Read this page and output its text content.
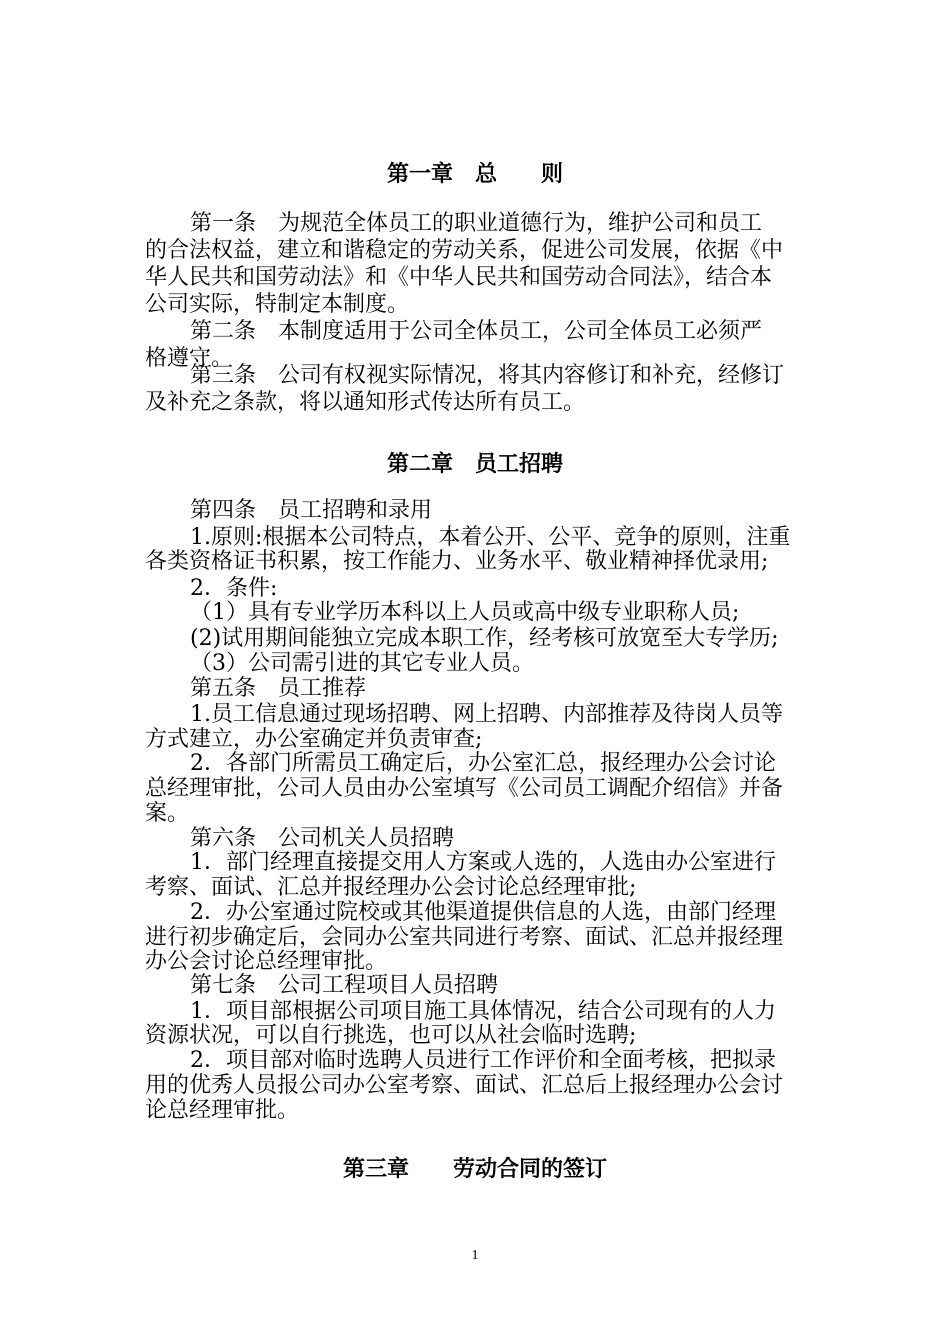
第一章　总　　则
第一条　为规范全体员工的职业道德行为，维护公司和员工
的合法权益，建立和谐稳定的劳动关系，促进公司发展，依据《中
华人民共和国劳动法》和《中华人民共和国劳动合同法》，结合本
公司实际，特制定本制度。
第二条　本制度适用于公司全体员工，公司全体员工必须严
格遵守。
第三条　公司有权视实际情况，将其内容修订和补充，经修订
及补充之条款，将以通知形式传达所有员工。
第二章　员工招聘
第四条　员工招聘和录用
1.原则:根据本公司特点，本着公开、公平、竞争的原则，注重
各类资格证书积累，按工作能力、业务水平、敬业精神择优录用;
2．条件:
（1）具有专业学历本科以上人员或高中级专业职称人员;
(2)试用期间能独立完成本职工作，经考核可放宽至大专学历;
（3）公司需引进的其它专业人员。
第五条　员工推荐
1.员工信息通过现场招聘、网上招聘、内部推荐及待岗人员等
方式建立，办公室确定并负责审查;
2．各部门所需员工确定后，办公室汇总，报经理办公会讨论
总经理审批，公司人员由办公室填写《公司员工调配介绍信》并备
案。
第六条　公司机关人员招聘
1．部门经理直接提交用人方案或人选的，人选由办公室进行
考察、面试、汇总并报经理办公会讨论总经理审批;
2．办公室通过院校或其他渠道提供信息的人选，由部门经理
进行初步确定后，会同办公室共同进行考察、面试、汇总并报经理
办公会讨论总经理审批。
第七条　公司工程项目人员招聘
1．项目部根据公司项目施工具体情况，结合公司现有的人力
资源状况，可以自行挑选，也可以从社会临时选聘;
2．项目部对临时选聘人员进行工作评价和全面考核，把拟录
用的优秀人员报公司办公室考察、面试、汇总后上报经理办公会讨
论总经理审批。
第三章　　劳动合同的签订
1
